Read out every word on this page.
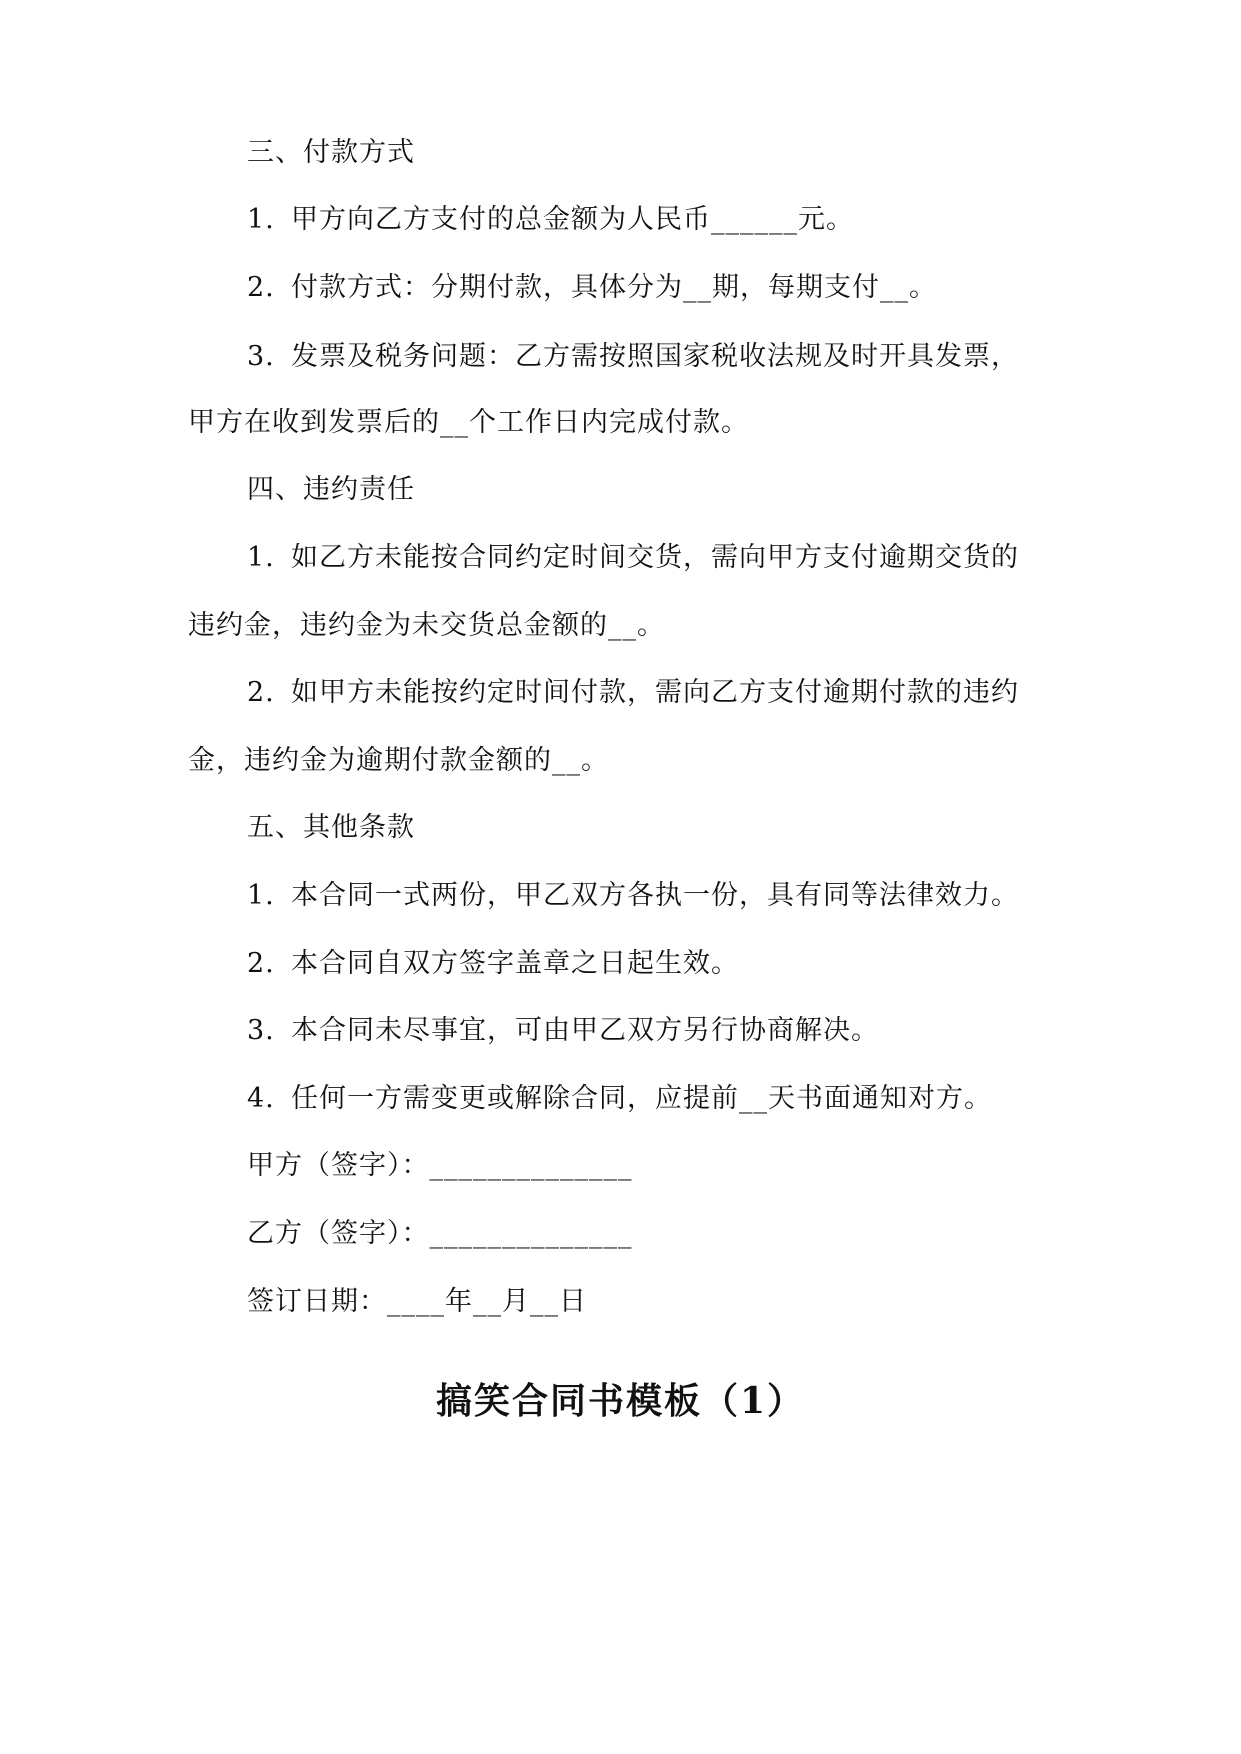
三、付款方式
1. 甲方向乙方支付的总金额为人民币______元。
2. 付款方式：分期付款，具体分为__期，每期支付__。
3. 发票及税务问题：乙方需按照国家税收法规及时开具发票，
甲方在收到发票后的__个工作日内完成付款。
四、违约责任
1. 如乙方未能按合同约定时间交货，需向甲方支付逾期交货的
违约金，违约金为未交货总金额的__。
2. 如甲方未能按约定时间付款，需向乙方支付逾期付款的违约
金，违约金为逾期付款金额的__。
五、其他条款
1. 本合同一式两份，甲乙双方各执一份，具有同等法律效力。
2. 本合同自双方签字盖章之日起生效。
3. 本合同未尽事宜，可由甲乙双方另行协商解决。
4. 任何一方需变更或解除合同，应提前__天书面通知对方。
甲方（签字）：______________
乙方（签字）：______________
签订日期：____年__月__日
搞笑合同书模板（1）
